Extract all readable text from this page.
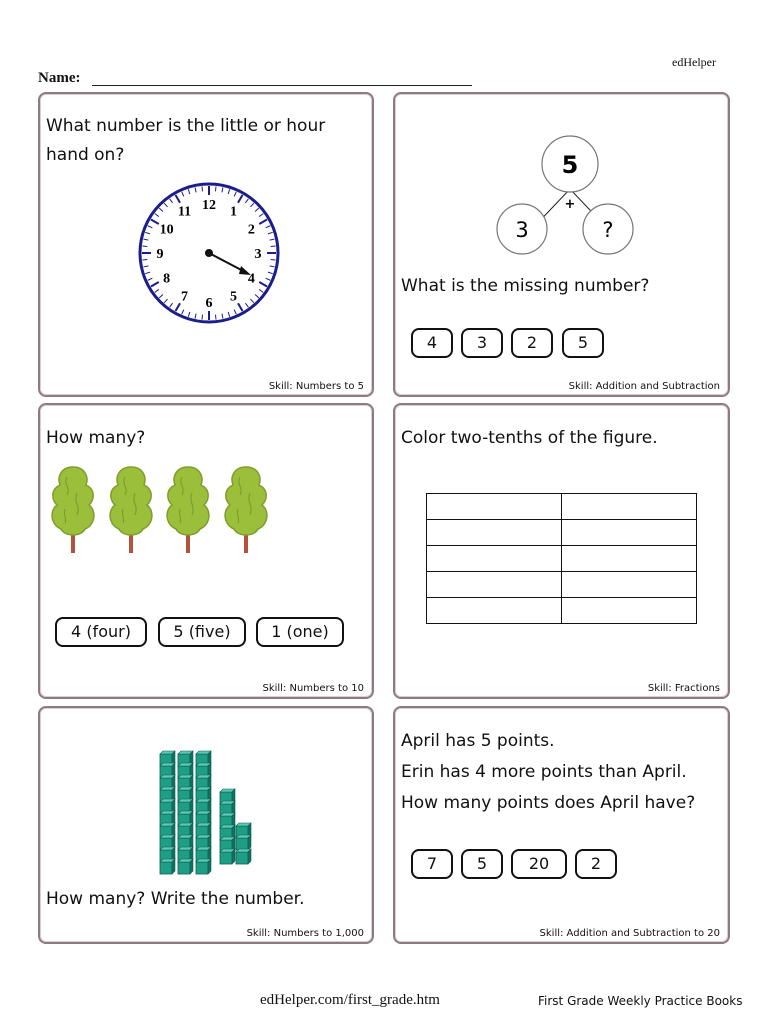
edHelper
Name:
What number is the little or hour hand on?
12 1
2
3
4
5
6
7
8
9
10
11
Skill: Numbers to 5
5
+
3	?
What is the missing number?
4	3	2	5
Skill: Addition and Subtraction
How many?
4 (four)	5 (five)	1 (one)
Skill: Numbers to 10
Color two-tenths of the figure.

Skill: Fractions
How many? Write the number.
Skill: Numbers to 1,000
April has 5 points.
Erin has 4 more points than April.
How many points does April have?
7	5	20	2
Skill: Addition and Subtraction to 20
edHelper.com/first_grade.htm	First Grade Weekly Practice Books
